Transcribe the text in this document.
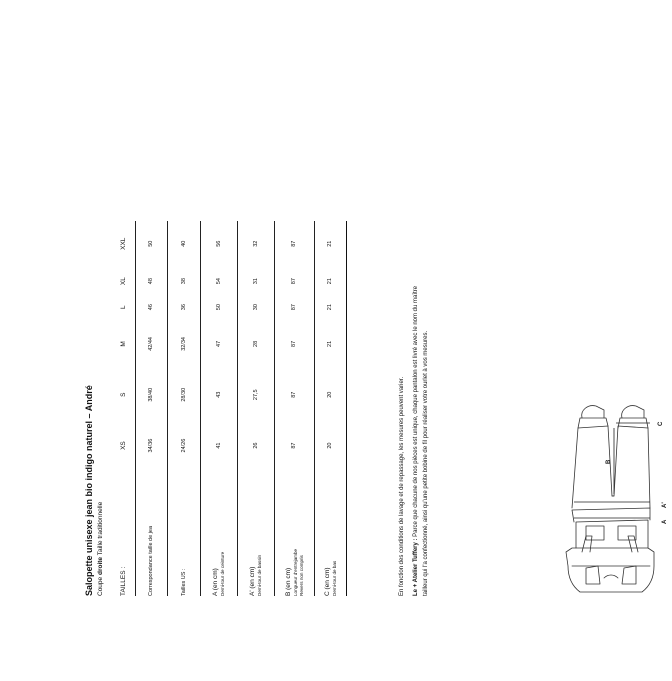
Salopette unisexe jean bio indigo naturel – André Coupe droite Taille traditionnelle
TAILLES :	XS	S	M	L	XL	XXL
Correspondance taille de jea	34/36	38/40	42/44	46	48	50
Tailles US :	24/26	28/30	32/34	36	38	40
A (en cm) Demi-tour de ceinture	41	43	47	50	54	56
A' (en cm) Demi-tour de bassin	26	27,5	28	30	31	32
B (en cm) Longueur d'entrejambe Revers non compris	87	87	87	87	87	87
C (en cm) Demi-tour de bas	20	20	21	21	21	21
En fonction des conditions de lavage et de repassage, les mesures peuvent varier. Le + Atelier Tuffery : Parce que chacune de nos pièces est unique, chaque pantalon est livré avec le nom du maître tailleur qui l'a confectionné, ainsi qu'une petite bobine de fil pour réaliser votre ourlet à vos mesures.	A
A'
B
C
